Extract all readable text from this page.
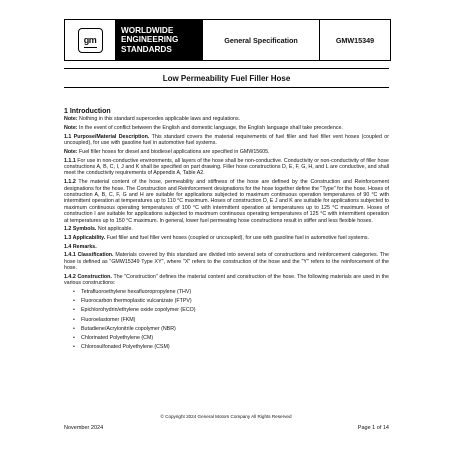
gm
WORLDWIDE
ENGINEERING
STANDARDS
General Specification	GMW15349
Low Permeability Fuel Filler Hose
1 Introduction

Note: Nothing in this standard supercedes applicable laws and regulations.

Note: In the event of conflict between the English and domestic language, the English language shall take precedence.

1.1 Purpose/Material Description. This standard covers the material requirements of fuel filler and fuel filler vent hoses (coupled or uncoupled), for use with gasoline fuel in automotive fuel systems.

Note: Fuel filler hoses for diesel and biodiesel applications are specified in GMW15605.

1.1.1 For use in non-conductive environments, all layers of the hose shall be non-conductive. Conductivity or non-conductivity of filler hose constructions A, B, C, I, J and K shall be specified on part drawing. Filler hose constructions D, E, F, G, H, and L are conductive, and shall meet the conductivity requirements of Appendix A, Table A2.

1.1.2 The material content of the hose, permeability and stiffness of the hose are defined by the Construction and Reinforcement designations for the hose. The Construction and Reinforcement designations for the hose together define the "Type" for the hose. Hoses of construction A, B, C, F, G and H are suitable for applications subjected to maximum continuous operation temperatures of 90 °C with intermittent operation at temperatures up to 110 °C maximum. Hoses of construction D, E J and K are suitable for applications subjected to maximum continuous operating temperatures of 100 °C with intermittent operation at temperatures up to 125 °C maximum. Hoses of construction I are suitable for applications subjected to maximum continuous operating temperatures of 125 °C with intermittent operation at temperatures up to 150 °C maximum. In general, lower fuel permeating hose constructions result in stiffer and less flexible hoses.

1.2 Symbols. Not applicable.

1.3 Applicability. Fuel filler and fuel filler vent hoses (coupled or uncoupled), for use with gasoline fuel in automotive fuel systems.

1.4 Remarks.

1.4.1 Classification. Materials covered by this standard are divided into several sets of constructions and reinforcement categories. The hose is defined as "GMW15349 Type XY", where "X" refers to the construction of the hose and the "Y" refers to the reinforcement of the hose.

1.4.2 Construction. The "Construction" defines the material content and construction of the hose. The following materials are used in the various constructions:

• Tetrafluoroethylene hexafluoropropylene (THV)
• Fluorocarbon thermoplastic vulcanizate (FTPV)
• Epichlorohydrin/ethylene oxide copolymer (ECO)
• Fluoroelastomer (FKM)
• Butadiene/Acrylonitrile copolymer (NBR)
• Chlorinated Polyethylene (CM)
• Chlorosulfonated Polyethylene (CSM)
© Copyright 2024 General Motors Company All Rights Reserved
November 2024	Page 1 of 14
